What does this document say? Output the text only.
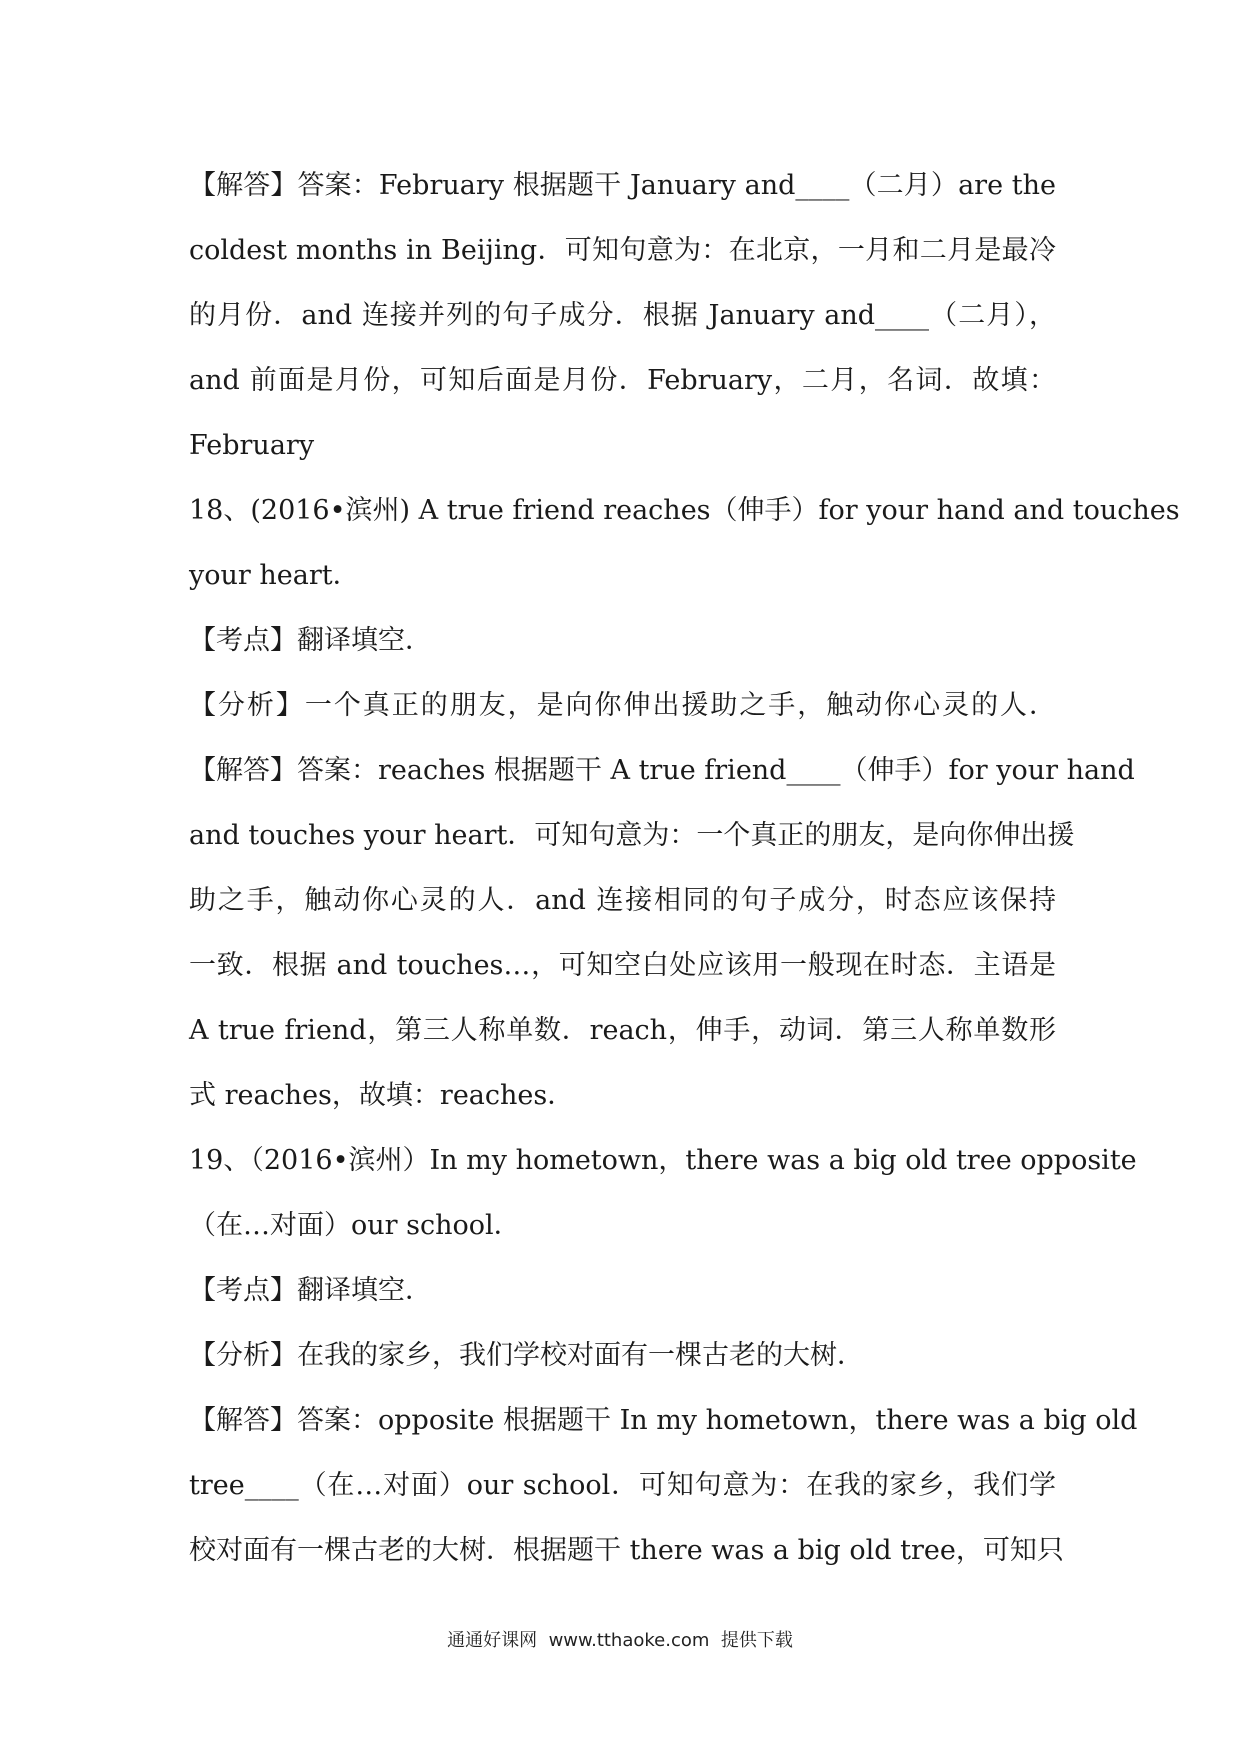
【解答】答案：February 根据题干 January and____（二月）are the
coldest months in Beijing．可知句意为：在北京，一月和二月是最冷
的月份．and 连接并列的句子成分．根据 January and____（二月），
and 前面是月份，可知后面是月份．February，二月，名词．故填：
February
18、(2016•滨州) A true friend reaches（伸手）for your hand and touches
your heart．
【考点】翻译填空．
【分析】一个真正的朋友，是向你伸出援助之手，触动你心灵的人．
【解答】答案：reaches 根据题干 A true friend____（伸手）for your hand
and touches your heart．可知句意为：一个真正的朋友，是向你伸出援
助之手，触动你心灵的人．and 连接相同的句子成分，时态应该保持
一致．根据 and touches…，可知空白处应该用一般现在时态．主语是
A true friend，第三人称单数．reach，伸手，动词．第三人称单数形
式 reaches，故填：reaches．
19、（2016•滨州）In my hometown，there was a big old tree opposite
（在…对面）our school．
【考点】翻译填空．
【分析】在我的家乡，我们学校对面有一棵古老的大树．
【解答】答案：opposite 根据题干 In my hometown，there was a big old
tree____（在…对面）our school．可知句意为：在我的家乡，我们学
校对面有一棵古老的大树．根据题干 there was a big old tree，可知只
通通好课网  www.tthaoke.com  提供下载
